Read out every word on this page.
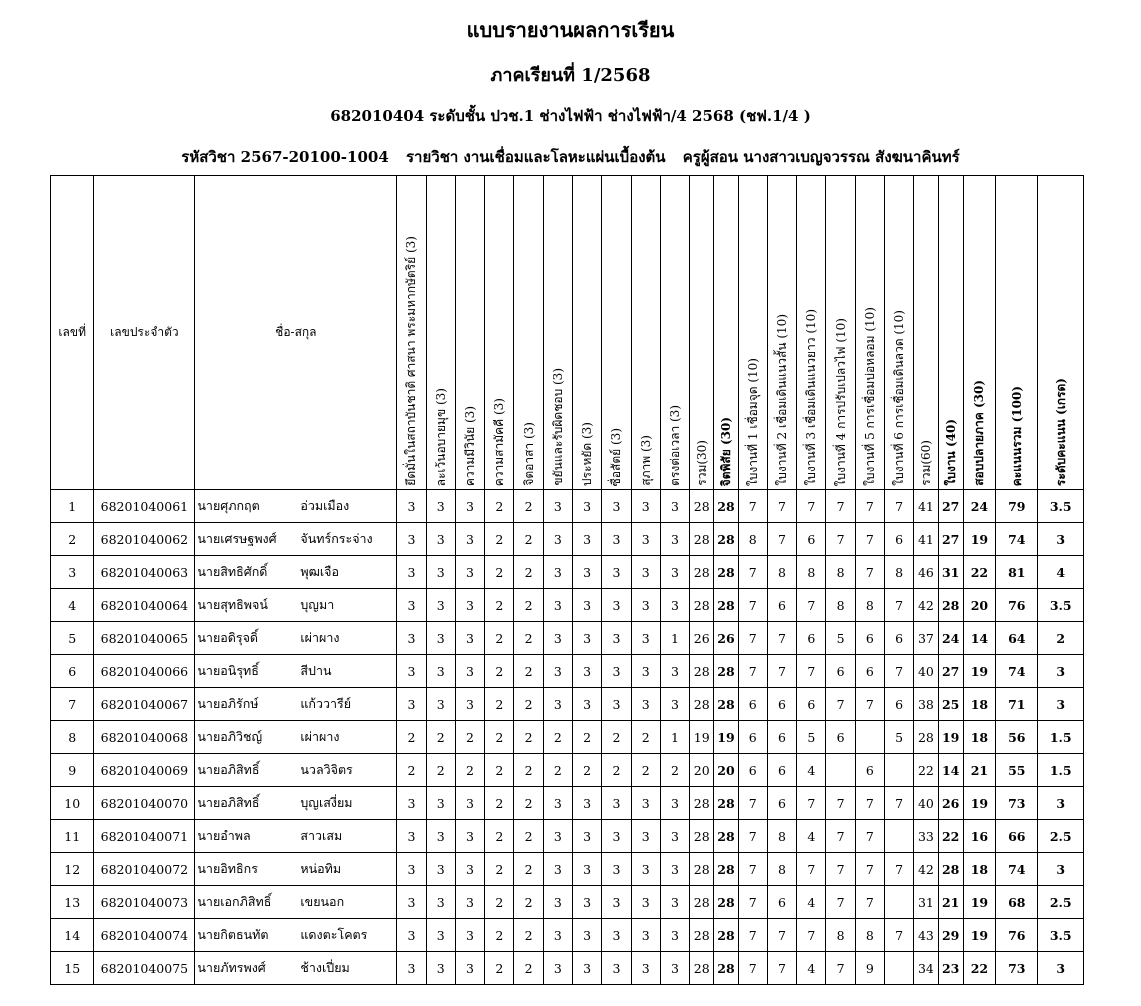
แบบรายงานผลการเรียน
ภาคเรียนที่ 1/2568
682010404 ระดับชั้น ปวช.1 ช่างไฟฟ้า ช่างไฟฟ้า/4 2568 (ชฟ.1/4 )
รหัสวิชา 2567-20100-1004 รายวิชา งานเชื่อมและโลหะแผ่นเบื้องต้น ครูผู้สอน นางสาวเบญจวรรณ สังฆนาคินทร์
เลขที่	เลขประจำตัว	ชื่อ-สกุล	ยึดมั่นในสถาบันชาติ ศาสนา พระมหากษัตริย์ (3)	ละเว้นอบายมุข (3)	ความมีวินัย (3)	ความสามัคคี (3)	จิตอาสา (3)	ขยันและรับผิดชอบ (3)	ประหยัด (3)	ซื่อสัตย์ (3)	สุภาพ (3)	ตรงต่อเวลา (3)	รวม(30)	จิตพิสัย (30)	ใบงานที่ 1 เชื่อมจุด (10)	ใบงานที่ 2 เชื่อมเดินแนวสั้น (10)	ใบงานที่ 3 เชื่อมเดินแนวยาว (10)	ใบงานที่ 4 การปรับเปลวไฟ (10)	ใบงานที่ 5 การเชื่อมบ่อหลอม (10)	ใบงานที่ 6 การเชื่อมเดินลวด (10)	รวม(60)	ใบงาน (40)	สอบปลายภาค (30)	คะแนนรวม (100)	ระดับคะแนน (เกรด)
1	68201040061	นายศุภกฤต อ่วมเมือง	3	3	3	2	2	3	3	3	3	3	28	28	7	7	7	7	7	7	41	27	24	79	3.5
2	68201040062	นายเศรษฐพงศ์ จันทร์กระจ่าง	3	3	3	2	2	3	3	3	3	3	28	28	8	7	6	7	7	6	41	27	19	74	3
3	68201040063	นายสิทธิศักดิ์ พุฒเจือ	3	3	3	2	2	3	3	3	3	3	28	28	7	8	8	8	7	8	46	31	22	81	4
4	68201040064	นายสุทธิพจน์ บุญมา	3	3	3	2	2	3	3	3	3	3	28	28	7	6	7	8	8	7	42	28	20	76	3.5
5	68201040065	นายอดิรุจดิ์ เผ่าผาง	3	3	3	2	2	3	3	3	3	1	26	26	7	7	6	5	6	6	37	24	14	64	2
6	68201040066	นายอนิรุทธิ์ สีปาน	3	3	3	2	2	3	3	3	3	3	28	28	7	7	7	6	6	7	40	27	19	74	3
7	68201040067	นายอภิรักษ์ แก้ววารีย์	3	3	3	2	2	3	3	3	3	3	28	28	6	6	6	7	7	6	38	25	18	71	3
8	68201040068	นายอภิวิชญ์ เผ่าผาง	2	2	2	2	2	2	2	2	2	1	19	19	6	6	5	6		5	28	19	18	56	1.5
9	68201040069	นายอภิสิทธิ์ นวลวิจิตร	2	2	2	2	2	2	2	2	2	2	20	20	6	6	4		6		22	14	21	55	1.5
10	68201040070	นายอภิสิทธิ์ บุญเสงี่ยม	3	3	3	2	2	3	3	3	3	3	28	28	7	6	7	7	7	7	40	26	19	73	3
11	68201040071	นายอำพล สาวเสม	3	3	3	2	2	3	3	3	3	3	28	28	7	8	4	7	7		33	22	16	66	2.5
12	68201040072	นายอิทธิกร หน่อทิม	3	3	3	2	2	3	3	3	3	3	28	28	7	8	7	7	7	7	42	28	18	74	3
13	68201040073	นายเอกภิสิทธิ์ เขยนอก	3	3	3	2	2	3	3	3	3	3	28	28	7	6	4	7	7		31	21	19	68	2.5
14	68201040074	นายกิตธนทัต แดงตะโคตร	3	3	3	2	2	3	3	3	3	3	28	28	7	7	7	8	8	7	43	29	19	76	3.5
15	68201040075	นายภัทรพงศ์ ช้างเปี่ยม	3	3	3	2	2	3	3	3	3	3	28	28	7	7	4	7	9		34	23	22	73	3
